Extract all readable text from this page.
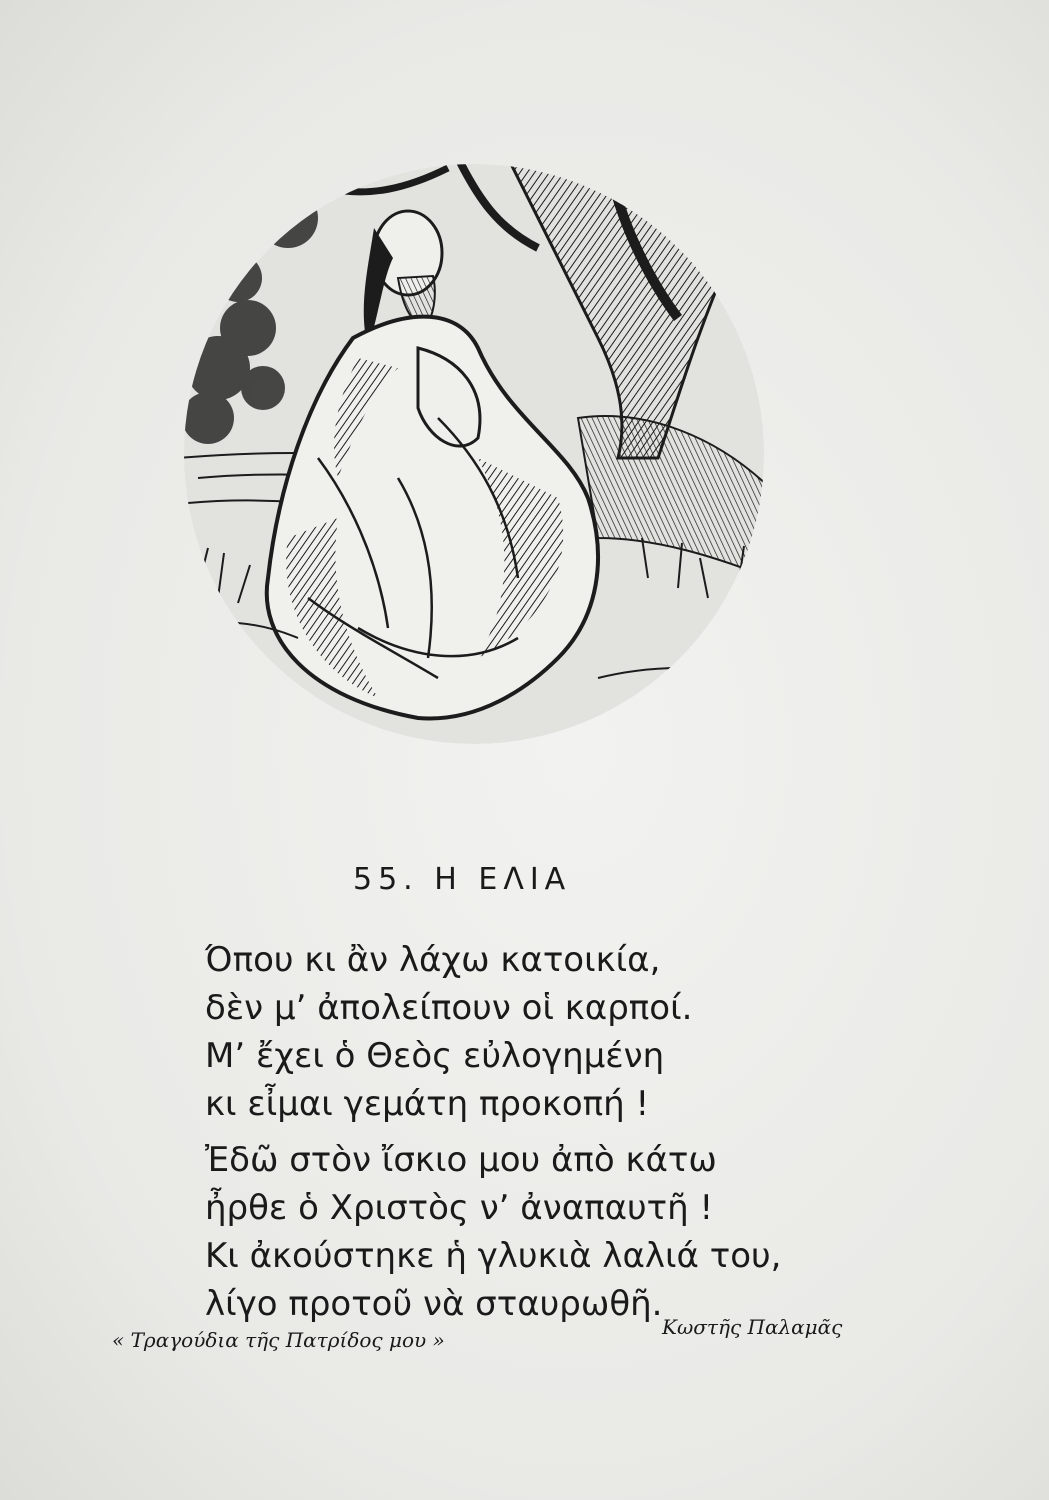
55. Η ΕΛΙΑ
Όπου κι ἂν λάχω κατοικία,
δὲν μ’ ἀπολείπουν οἱ καρποί.
Μ’ ἔχει ὁ Θεὸς εὐλογημένη
κι εἶμαι γεμάτη προκοπή !
Ἐδῶ στὸν ἴσκιο μου ἀπὸ κάτω
ἦρθε ὁ Χριστὸς ν’ ἀναπαυτῆ !
Κι ἀκούστηκε ἡ γλυκιὰ λαλιά του,
λίγο προτοῦ νὰ σταυρωθῆ.
« Τραγούδια τῆς Πατρίδος μου »
Κωστῆς Παλαμᾶς
